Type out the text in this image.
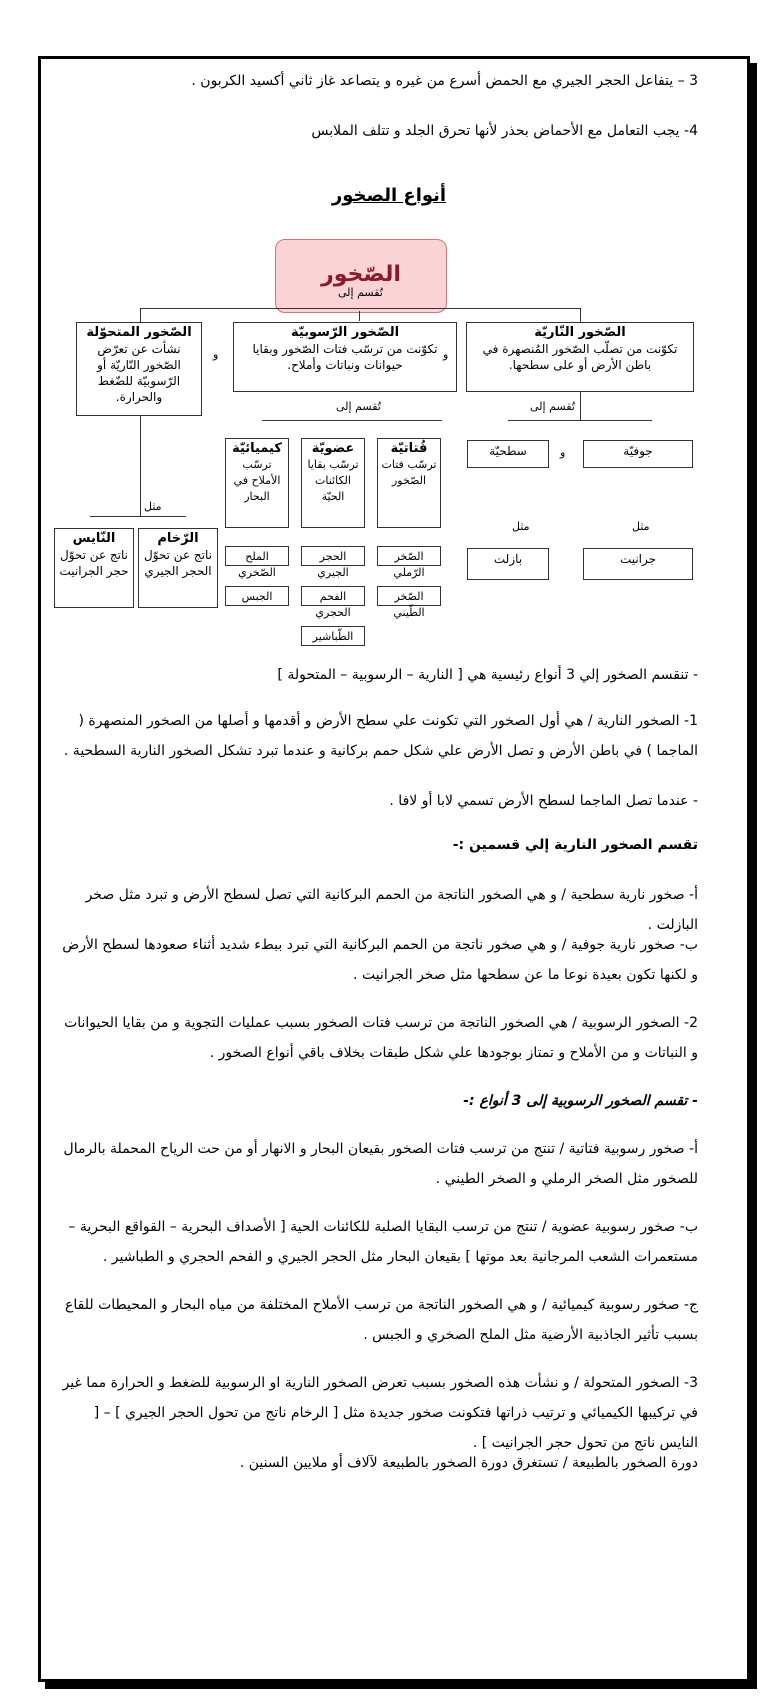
3 – يتفاعل الحجر الجيري مع الحمض أسرع من غيره و يتصاعد غاز ثاني أكسيد الكربون .
4- يجب التعامل مع الأحماض بحذر لأنها تحرق الجلد و تتلف الملابس
أنواع الصخور
الصّخور
تُقسم إلى
الصّخور النّاريّة
تكوّنت من تصلّب الصّخور المُنصهرة في باطن الأرض أو على سطحها.
الصّخور الرّسوبيّة
تكوّنت من ترسّب فتات الصّخور وبقايا حيوانات ونباتات وأملاح.
الصّخور المتحوّلة
نشأت عن تعرّض الصّخور النّاريّة أو الرّسوبيّة للضّغط والحرارة.
و
و
تُقسم إلى
جوفيّة
سطحيّة	و
جرانيت
بازلت
مثل
مثل
تُقسم إلى
فُتاتيّة
ترسّب فتات الصّخور
عضويّة
ترسّب بقايا الكائنات الحيّة
كيميائيّة
ترسّب الأملاح في البحار
الصّخر الرّملي
الصّخر الطّيني
الحجر الجيري
الفحم الحجري
الطّباشير
الملح الصّخري
الجبس
مثل
الرّخام
ناتج عن تحوّل الحجر الجيري
النّايس
ناتج عن تحوّل حجر الجرانيت
- تنقسم الصخور إلي 3 أنواع رئيسية هي [ النارية – الرسوبية – المتحولة ]
1- الصخور النارية / هي أول الصخور التي تكونت علي سطح الأرض و أقدمها و أصلها من الصخور المنصهرة ( الماجما ) في باطن الأرض و تصل الأرض علي شكل حمم بركانية و عندما تبرد تشكل الصخور النارية السطحية .
- عندما تصل الماجما لسطح الأرض تسمي لابا أو لافا .
تقسم الصخور النارية إلي قسمين :-
أ- صخور نارية سطحية / و هي الصخور الناتجة من الحمم البركانية التي تصل لسطح الأرض و تبرد مثل صخر البازلت .
ب- صخور نارية جوفية / و هي صخور ناتجة من الحمم البركانية التي تبرد ببطء شديد أثناء صعودها لسطح الأرض و لكنها تكون بعيدة نوعا ما عن سطحها مثل صخر الجرانيت .
2- الصخور الرسوبية / هي الصخور الناتجة من ترسب فتات الصخور بسبب عمليات التجوية و من بقايا الحيوانات و النباتات و من الأملاح و تمتاز بوجودها علي شكل طبقات بخلاف باقي أنواع الصخور .
- تقسم الصخور الرسوبية إلى 3 أنواع :-
أ- صخور رسوبية فتاتية / تنتج من ترسب فتات الصخور بقيعان البحار و الانهار أو من حت الرياح المحملة بالرمال للصخور مثل الصخر الرملي و الصخر الطيني .
ب- صخور رسوبية عضوية / تنتج من ترسب البقايا الصلبة للكائنات الحية [ الأصداف البحرية – القواقع البحرية – مستعمرات الشعب المرجانية بعد موتها ] بقيعان البحار مثل الحجر الجيري و الفحم الحجري و الطباشير .
ج- صخور رسوبية كيميائية / و هي الصخور الناتجة من ترسب الأملاح المختلفة من مياه البحار و المحيطات للقاع بسبب تأثير الجاذبية الأرضية مثل الملح الصخري و الجبس .
3- الصخور المتحولة / و نشأت هذه الصخور بسبب تعرض الصخور النارية او الرسوبية للضغط و الحرارة مما غير في تركيبها الكيميائي و ترتيب ذراتها فتكونت صخور جديدة مثل [ الرخام ناتج من تحول الحجر الجيري ] – [ النايس ناتج من تحول حجر الجرانيت ] .
دورة الصخور بالطبيعة / تستغرق دورة الصخور بالطبيعة لآلاف أو ملايين السنين .
